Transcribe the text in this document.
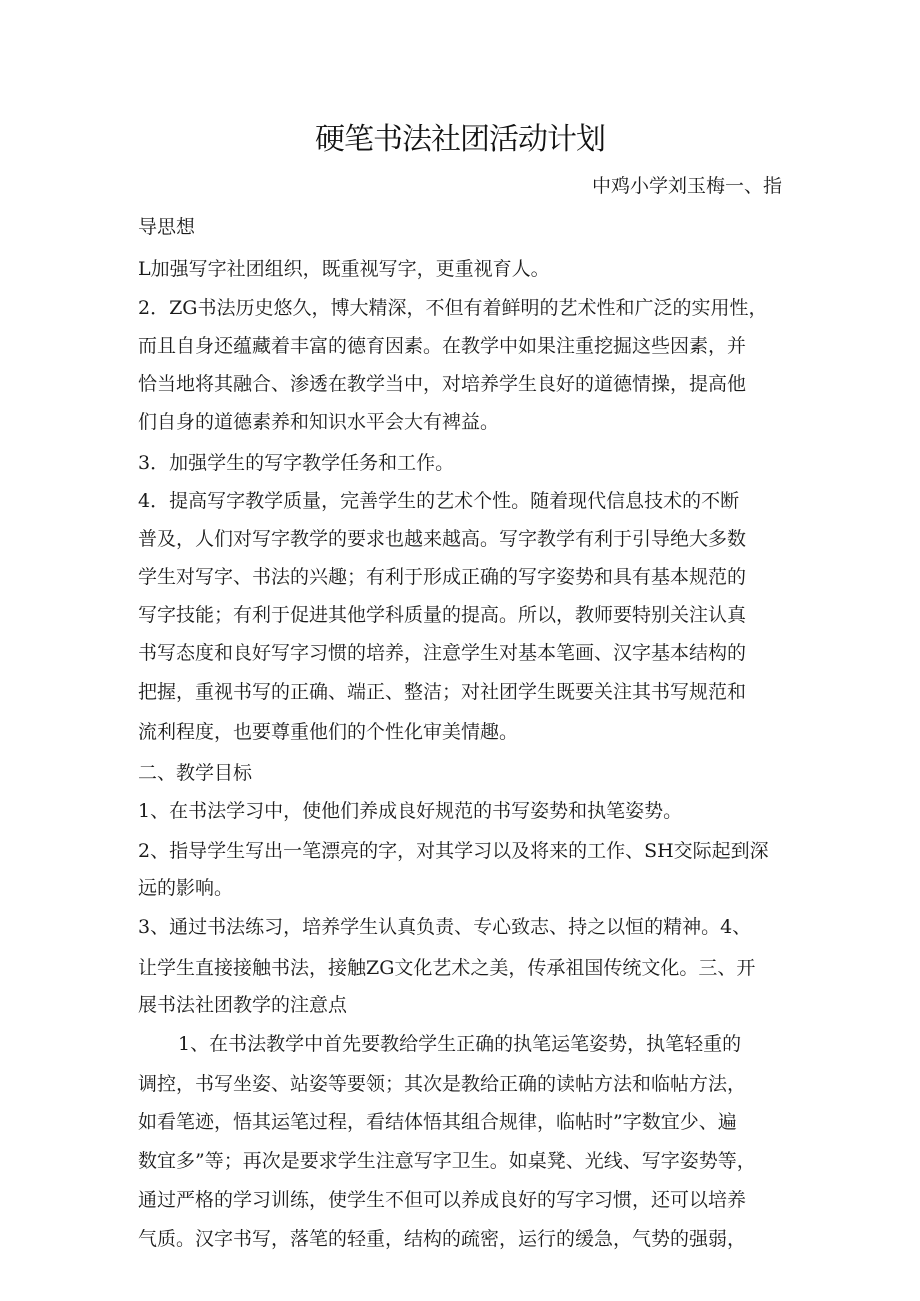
硬笔书法社团活动计划
中鸡小学刘玉梅一、指
导思想
L加强写字社团组织，既重视写字，更重视育人。
2．ZG书法历史悠久，博大精深，不但有着鲜明的艺术性和广泛的实用性，
而且自身还蕴藏着丰富的德育因素。在教学中如果注重挖掘这些因素，并
恰当地将其融合、渗透在教学当中，对培养学生良好的道德情操，提高他
们自身的道德素养和知识水平会大有裨益。
3．加强学生的写字教学任务和工作。
4．提高写字教学质量，完善学生的艺术个性。随着现代信息技术的不断
普及，人们对写字教学的要求也越来越高。写字教学有利于引导绝大多数
学生对写字、书法的兴趣；有利于形成正确的写字姿势和具有基本规范的
写字技能；有利于促进其他学科质量的提高。所以，教师要特别关注认真
书写态度和良好写字习惯的培养，注意学生对基本笔画、汉字基本结构的
把握，重视书写的正确、端正、整洁；对社团学生既要关注其书写规范和
流利程度，也要尊重他们的个性化审美情趣。
二、教学目标
1、在书法学习中，使他们养成良好规范的书写姿势和执笔姿势。
2、指导学生写出一笔漂亮的字，对其学习以及将来的工作、SH交际起到深
远的影响。
3、通过书法练习，培养学生认真负责、专心致志、持之以恒的精神。4、
让学生直接接触书法，接触ZG文化艺术之美，传承祖国传统文化。三、开
展书法社团教学的注意点
1、在书法教学中首先要教给学生正确的执笔运笔姿势，执笔轻重的
调控，书写坐姿、站姿等要领；其次是教给正确的读帖方法和临帖方法，
如看笔迹，悟其运笔过程，看结体悟其组合规律，临帖时”字数宜少、遍
数宜多”等；再次是要求学生注意写字卫生。如桌凳、光线、写字姿势等，
通过严格的学习训练，使学生不但可以养成良好的写字习惯，还可以培养
气质。汉字书写，落笔的轻重，结构的疏密，运行的缓急，气势的强弱，
